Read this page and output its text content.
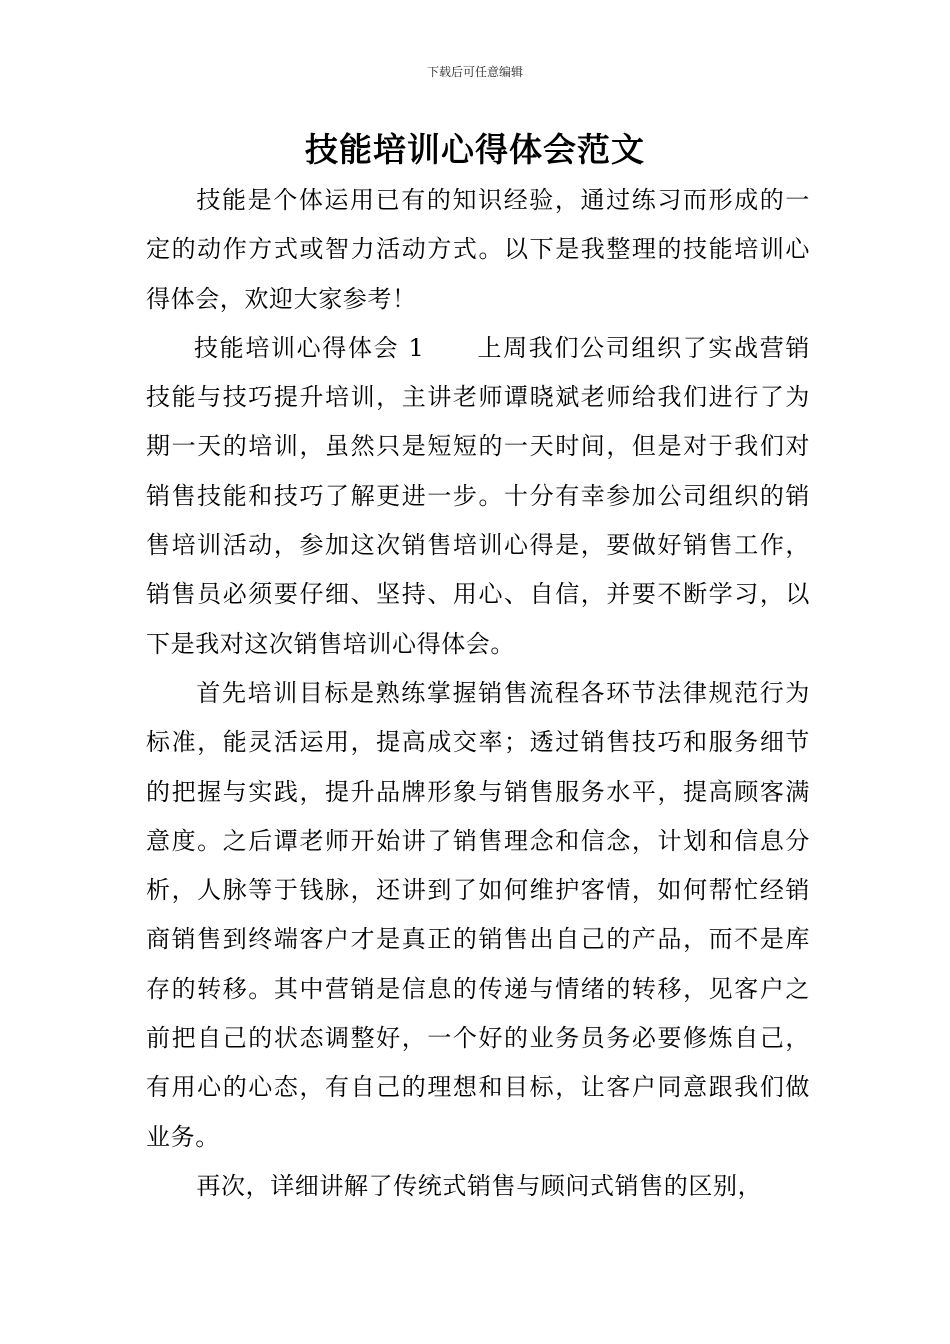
下载后可任意编辑
技能培训心得体会范文

技能是个体运用已有的知识经验，通过练习而形成的一定的动作方式或智力活动方式。以下是我整理的技能培训心得体会，欢迎大家参考！

技能培训心得体会 1 上周我们公司组织了实战营销技能与技巧提升培训，主讲老师谭晓斌老师给我们进行了为期一天的培训，虽然只是短短的一天时间，但是对于我们对销售技能和技巧了解更进一步。十分有幸参加公司组织的销售培训活动，参加这次销售培训心得是，要做好销售工作，销售员必须要仔细、坚持、用心、自信，并要不断学习，以下是我对这次销售培训心得体会。

首先培训目标是熟练掌握销售流程各环节法律规范行为标准，能灵活运用，提高成交率；透过销售技巧和服务细节的把握与实践，提升品牌形象与销售服务水平，提高顾客满意度。之后谭老师开始讲了销售理念和信念，计划和信息分析，人脉等于钱脉，还讲到了如何维护客情，如何帮忙经销商销售到终端客户才是真正的销售出自己的产品，而不是库存的转移。其中营销是信息的传递与情绪的转移，见客户之前把自己的状态调整好，一个好的业务员务必要修炼自己，有用心的心态，有自己的理想和目标，让客户同意跟我们做业务。

再次，详细讲解了传统式销售与顾问式销售的区别，
